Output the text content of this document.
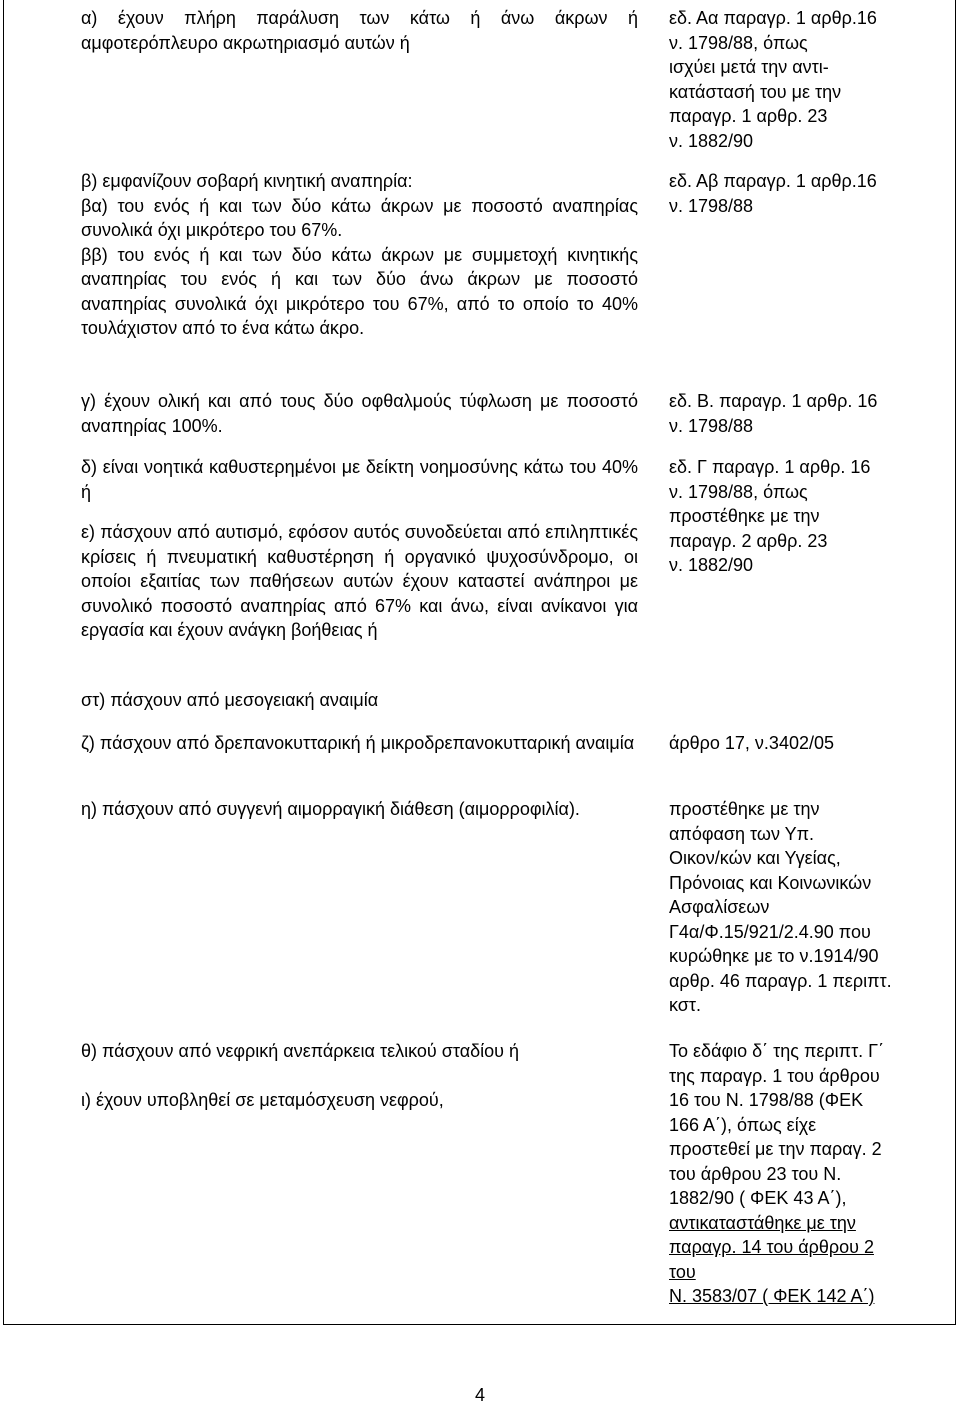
α) έχουν πλήρη παράλυση των κάτω ή άνω άκρων ή αμφοτερόπλευρο ακρωτηριασμό αυτών ή

εδ. Αα παραγρ. 1 αρθρ.16
ν. 1798/88, όπως
ισχύει μετά την αντι-
κατάστασή του με την
παραγρ. 1 αρθρ. 23
ν. 1882/90

β) εμφανίζουν σοβαρή κινητική αναπηρία:

βα) του ενός ή και των δύο κάτω άκρων με ποσοστό αναπηρίας συνολικά όχι μικρότερο του 67%.

ββ) του ενός ή και των δύο κάτω άκρων με συμμετοχή κινητικής αναπηρίας του ενός ή και των δύο άνω άκρων με ποσοστό αναπηρίας συνολικά όχι μικρότερο του 67%, από το οποίο το 40% τουλάχιστον από το ένα κάτω άκρο.

εδ. Αβ παραγρ. 1 αρθρ.16
ν. 1798/88

γ) έχουν ολική και από τους δύο οφθαλμούς τύφλωση με ποσοστό αναπηρίας 100%.

εδ. Β. παραγρ. 1 αρθρ. 16
ν. 1798/88

δ) είναι νοητικά καθυστερημένοι με δείκτη νοημοσύνης κάτω του 40% ή

ε) πάσχουν από αυτισμό, εφόσον αυτός συνοδεύεται από επιληπτικές κρίσεις ή πνευματική καθυστέρηση ή οργανικό ψυχοσύνδρομο, οι οποίοι εξαιτίας των παθήσεων αυτών έχουν καταστεί ανάπηροι με συνολικό ποσοστό αναπηρίας από 67% και άνω, είναι ανίκανοι για εργασία και έχουν ανάγκη βοήθειας ή

στ) πάσχουν από μεσογειακή αναιμία

εδ. Γ παραγρ. 1 αρθρ. 16
ν. 1798/88, όπως
προστέθηκε με την
παραγρ. 2 αρθρ. 23
ν. 1882/90

ζ) πάσχουν από δρεπανοκυτταρική ή μικροδρεπανοκυτταρική αναιμία άρθρο 17, ν.3402/05

η) πάσχουν από συγγενή αιμορραγική διάθεση (αιμορροφιλία).	προστέθηκε με την
απόφαση των Υπ.
Οικον/κών και Υγείας,
Πρόνοιας και Κοινωνικών
Ασφαλίσεων
Γ4α/Φ.15/921/2.4.90 που
κυρώθηκε με το ν.1914/90
αρθρ. 46 παραγρ. 1 περιπτ.
κστ.

θ) πάσχουν από νεφρική ανεπάρκεια τελικού σταδίου ή

ι) έχουν υποβληθεί σε μεταμόσχευση νεφρού,

Το εδάφιο δ΄ της περιπτ. Γ΄
της παραγρ. 1 του άρθρου
16 του Ν. 1798/88 (ΦΕΚ
166 Α΄), όπως είχε
προστεθεί με την παραγ. 2
του άρθρου 23 του Ν.
1882/90 ( ΦΕΚ 43 Α΄),
αντικαταστάθηκε με την
παραγρ. 14 του άρθρου 2
του
Ν. 3583/07 ( ΦΕΚ 142 Α΄)
4
